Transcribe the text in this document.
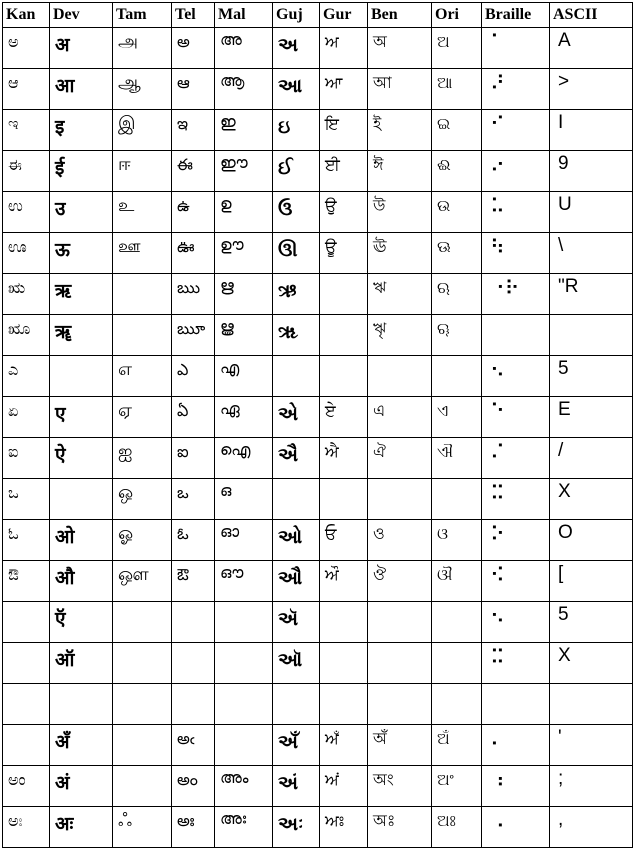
Kan	Dev	Tam	Tel	Mal	Guj	Gur	Ben	Ori	Braille	ASCII
ಅ	अ	அ	అ	അ	અ	ਅ	অ	ଅ	⠁	A
ಆ	आ	ஆ	ఆ	ആ	આ	ਆ	আ	ଆ	⠜	>
ಇ	इ	இ	ఇ	ഇ	ઇ	ਇ	ই	ଇ	⠊	I
ಈ	ई	ஈ	ఈ	ഈ	ઈ	ਈ	ঈ	ଈ	⠔	9
ಉ	उ	உ	ఉ	ഉ	ઉ	ਉ	উ	ଉ	⠥	U
ಊ	ऊ	ஊ	ఊ	ഊ	ઊ	ਊ	ঊ	ଊ	⠳	\
ಋ	ऋ		ఋ	ഋ	ઋ		ঋ	ଋ	⠐⠗	"R
ೠ	ॠ		ౠ	ൠ	ૠ		ৠ	ୠ		
ಎ		எ	ఎ	എ					⠢	5
ಏ	ए	ஏ	ఏ	ഏ	એ	ਏ	এ	ଏ	⠑	E
ಐ	ऐ	ஐ	ఐ	ഐ	ઐ	ਐ	ঐ	ଐ	⠌	/
ಒ		ஒ	ఒ	ഒ					⠭	X
ಓ	ओ	ஓ	ఓ	ഓ	ઓ	ਓ	ও	ଓ	⠕	O
ಔ	औ	ஔ	ఔ	ഔ	ઔ	ਔ	ঔ	ଔ	⠪	[
	ऍ				ઍ				⠢	5
	ऑ				ઑ				⠭	X

	अँ		అఁ		અઁ	ਅਁ	অঁ	ଅଁ	⠄	'
ಅಂ	अं		అం	അം	અં	ਅਂ	অং	ଅଂ	⠰	;
ಅಃ	अः	ஃ	అః	അഃ	અઃ	ਅਃ	অঃ	ଅଃ	⠠	,
